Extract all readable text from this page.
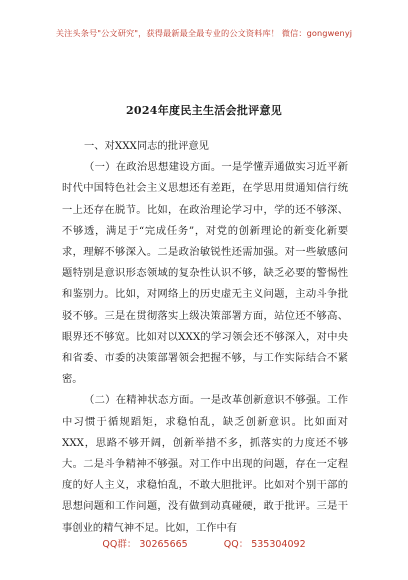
关注头条号"公文研究"，获得最新最全最专业的公文资料库！ 微信：gongwenyj
2024年度民主生活会批评意见

一、对XXX同志的批评意见

（一）在政治思想建设方面。一是学懂弄通做实习近平新时代中国特色社会主义思想还有差距，在学思用贯通知信行统一上还存在脱节。比如，在政治理论学习中，学的还不够深、不够透，满足于“完成任务”，对党的创新理论的新变化新要求，理解不够深入。二是政治敏锐性还需加强。对一些敏感问题特别是意识形态领域的复杂性认识不够，缺乏必要的警惕性和鉴别力。比如，对网络上的历史虚无主义问题，主动斗争批驳不够。三是在贯彻落实上级决策部署方面，站位还不够高、眼界还不够宽。比如对以XXX的学习领会还不够深入，对中央和省委、市委的决策部署领会把握不够，与工作实际结合不紧密。

（二）在精神状态方面。一是改革创新意识不够强。工作中习惯于循规蹈矩，求稳怕乱，缺乏创新意识。比如面对XXX，思路不够开阔，创新举措不多，抓落实的力度还不够大。二是斗争精神不够强。对工作中出现的问题，存在一定程度的好人主义，求稳怕乱，不敢大胆批评。比如对个别干部的思想问题和工作问题，没有做到动真碰硬，敢于批评。三是干事创业的精气神不足。比如，工作中有

QQ群： 30265665	QQ： 535304092
